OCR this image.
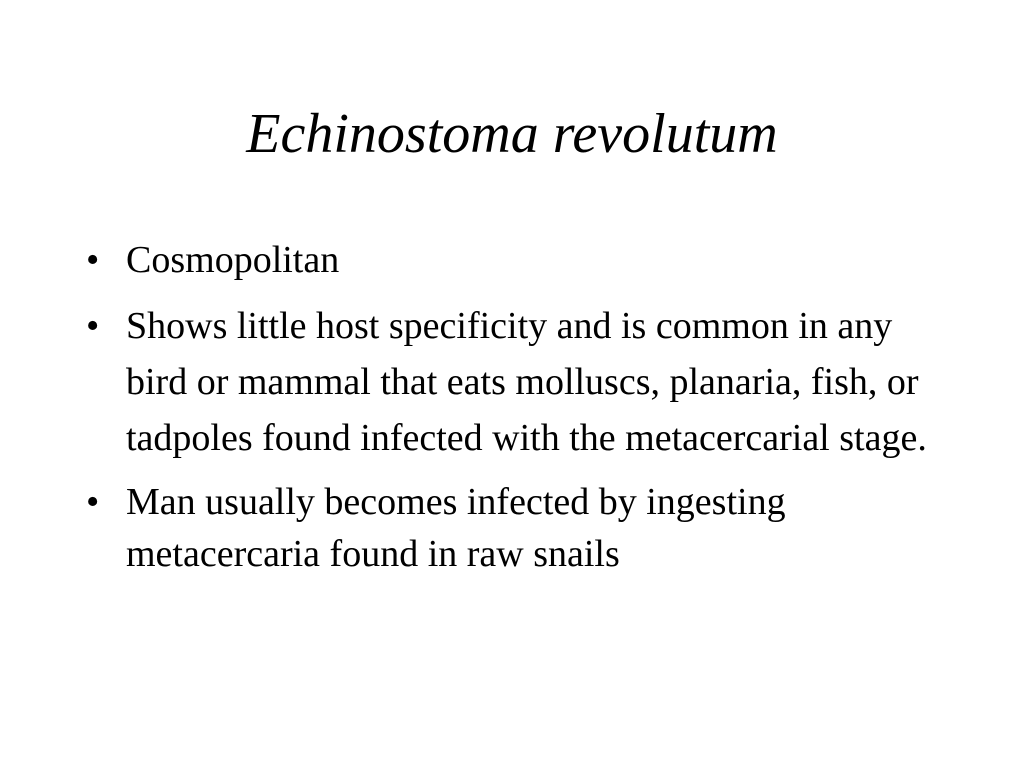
Echinostoma revolutum
• Cosmopolitan
• Shows little host specificity and is common in any bird or mammal that eats molluscs, planaria, fish, or tadpoles found infected with the metacercarial stage.
• Man usually becomes infected by ingesting metacercaria found in raw snails
